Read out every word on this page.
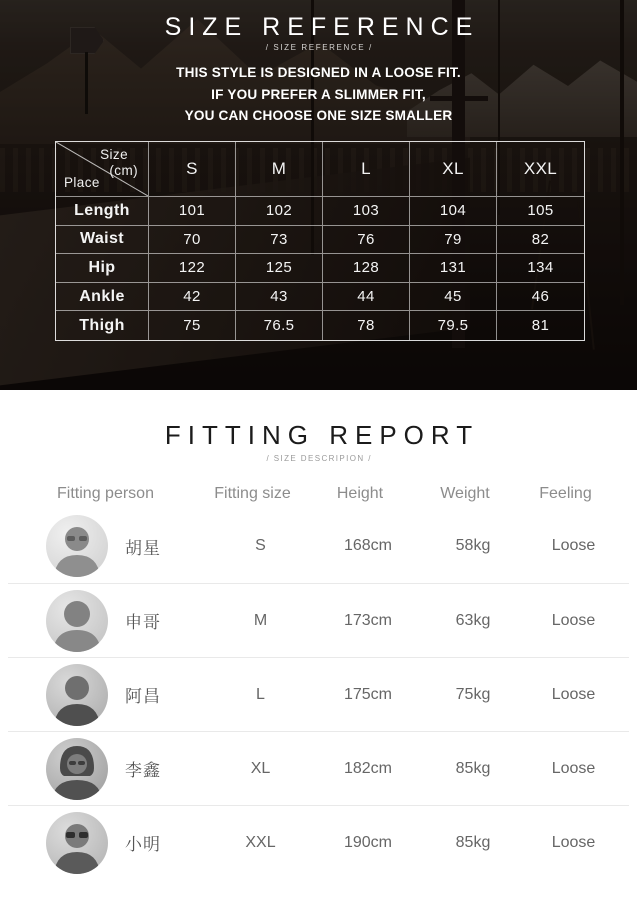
SIZE REFERENCE
/ SIZE REFERENCE /
THIS STYLE IS DESIGNED IN A LOOSE FIT.
IF YOU PREFER A SLIMMER FIT,
YOU CAN CHOOSE ONE SIZE SMALLER
Size
(cm)
Place
S	M	L	XL	XXL
Length	101	102	103	104	105
Waist	70	73	76	79	82
Hip	122	125	128	131	134
Ankle	42	43	44	45	46
Thigh	75	76.5	78	79.5	81
FITTING REPORT
/ SIZE DESCRIPION /
Fitting person	Fitting size	Height	Weight	Feeling
胡星	S	168cm	58kg	Loose
申哥	M	173cm	63kg	Loose
阿昌	L	175cm	75kg	Loose
李鑫	XL	182cm	85kg	Loose
小明	XXL	190cm	85kg	Loose
